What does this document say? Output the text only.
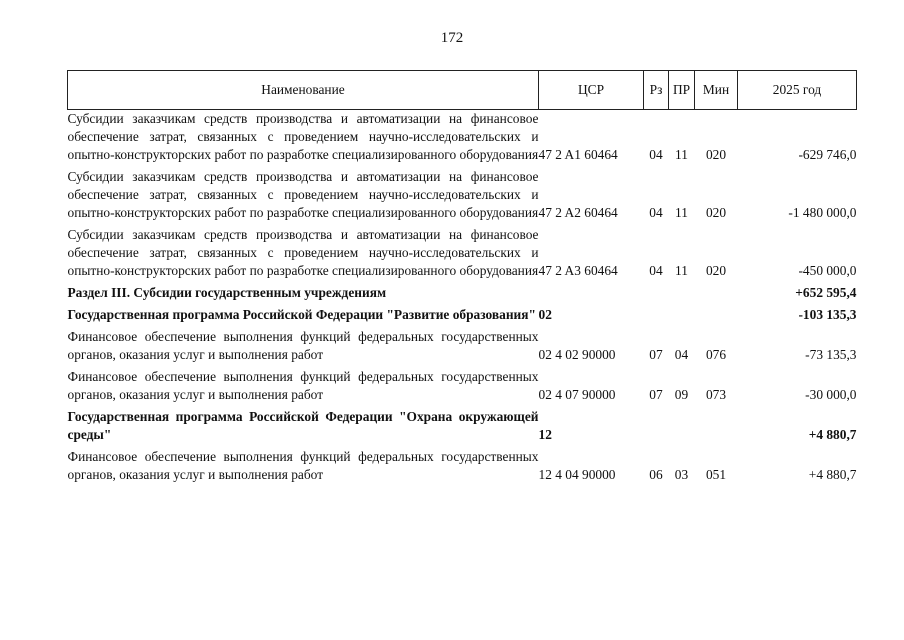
172
Наименование	ЦСР	Рз	ПР	Мин	2025 год
Субсидии заказчикам средств производства и автоматизации на финансовое обеспечение затрат, связанных с проведением научно-исследовательских и опытно-конструкторских работ по разработке специализированного оборудования	47 2 A1 60464	04	11	020	-629 746,0
Субсидии заказчикам средств производства и автоматизации на финансовое обеспечение затрат, связанных с проведением научно-исследовательских и опытно-конструкторских работ по разработке специализированного оборудования	47 2 A2 60464	04	11	020	-1 480 000,0
Субсидии заказчикам средств производства и автоматизации на финансовое обеспечение затрат, связанных с проведением научно-исследовательских и опытно-конструкторских работ по разработке специализированного оборудования	47 2 A3 60464	04	11	020	-450 000,0
Раздел III. Субсидии государственным учреждениям					+652 595,4
Государственная программа Российской Федерации "Развитие образования"	02				-103 135,3
Финансовое обеспечение выполнения функций федеральных государственных органов, оказания услуг и выполнения работ	02 4 02 90000	07	04	076	-73 135,3
Финансовое обеспечение выполнения функций федеральных государственных органов, оказания услуг и выполнения работ	02 4 07 90000	07	09	073	-30 000,0
Государственная программа Российской Федерации "Охрана окружающей среды"	12				+4 880,7
Финансовое обеспечение выполнения функций федеральных государственных органов, оказания услуг и выполнения работ	12 4 04 90000	06	03	051	+4 880,7
